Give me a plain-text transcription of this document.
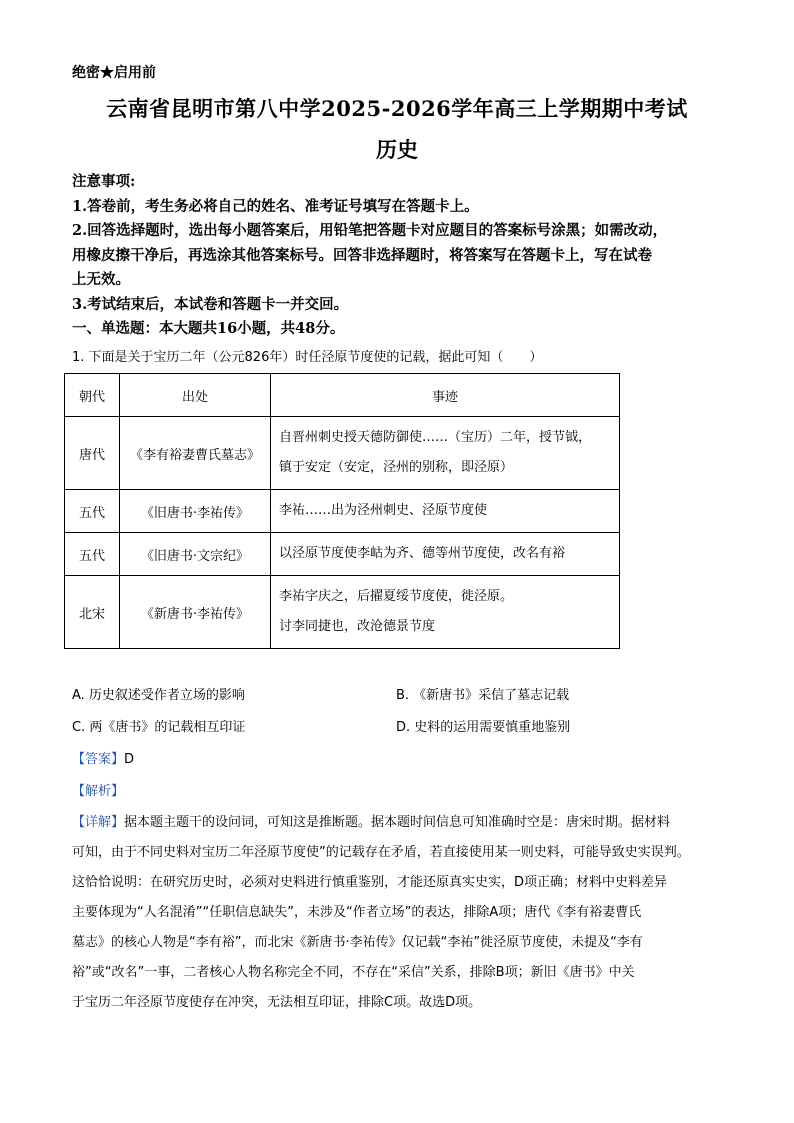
绝密★启用前
云南省昆明市第八中学2025-2026学年高三上学期期中考试
历史

注意事项:

1.答卷前，考生务必将自己的姓名、准考证号填写在答题卡上。

2.回答选择题时，选出每小题答案后，用铅笔把答题卡对应题目的答案标号涂黑；如需改动，

用橡皮擦干净后，再选涂其他答案标号。回答非选择题时，将答案写在答题卡上，写在试卷

上无效。

3.考试结束后，本试卷和答题卡一并交回。

一、单选题：本大题共16小题，共48分。

1. 下面是关于宝历二年（公元826年）时任泾原节度使的记载，据此可知（　　）
朝代	出处	事迹
唐代	《李有裕妻曹氏墓志》	自晋州刺史授天德防御使……（宝历）二年，授节钺，
镇于安定（安定，泾州的别称，即泾原）

五代	《旧唐书·李祐传》	李祐……出为泾州刺史、泾原节度使
五代	《旧唐书·文宗纪》	以泾原节度使李岵为齐、德等州节度使，改名有裕
北宋	《新唐书·李祐传》	李祐字庆之，后擢夏绥节度使，徙泾原。
讨李同捷也，改沧德景节度
A. 历史叙述受作者立场的影响	B. 《新唐书》采信了墓志记载
C. 两《唐书》的记载相互印证	D. 史料的运用需要慎重地鉴别
【答案】D
【解析】

【详解】据本题主题干的设问词，可知这是推断题。据本题时间信息可知准确时空是：唐宋时期。据材料

可知，由于不同史料对宝历二年泾原节度使”的记载存在矛盾，若直接使用某一则史料，可能导致史实误判。

这恰恰说明：在研究历史时，必须对史料进行慎重鉴别，才能还原真实史实，D项正确；材料中史料差异

主要体现为“人名混淆”“任职信息缺失”，未涉及“作者立场”的表达，排除A项；唐代《李有裕妻曹氏

墓志》的核心人物是“李有裕”，而北宋《新唐书·李祐传》仅记载“李祐”徙泾原节度使，未提及“李有

裕”或“改名”一事，二者核心人物名称完全不同，不存在“采信”关系，排除B项；新旧《唐书》中关

于宝历二年泾原节度使存在冲突，无法相互印证，排除C项。故选D项。
